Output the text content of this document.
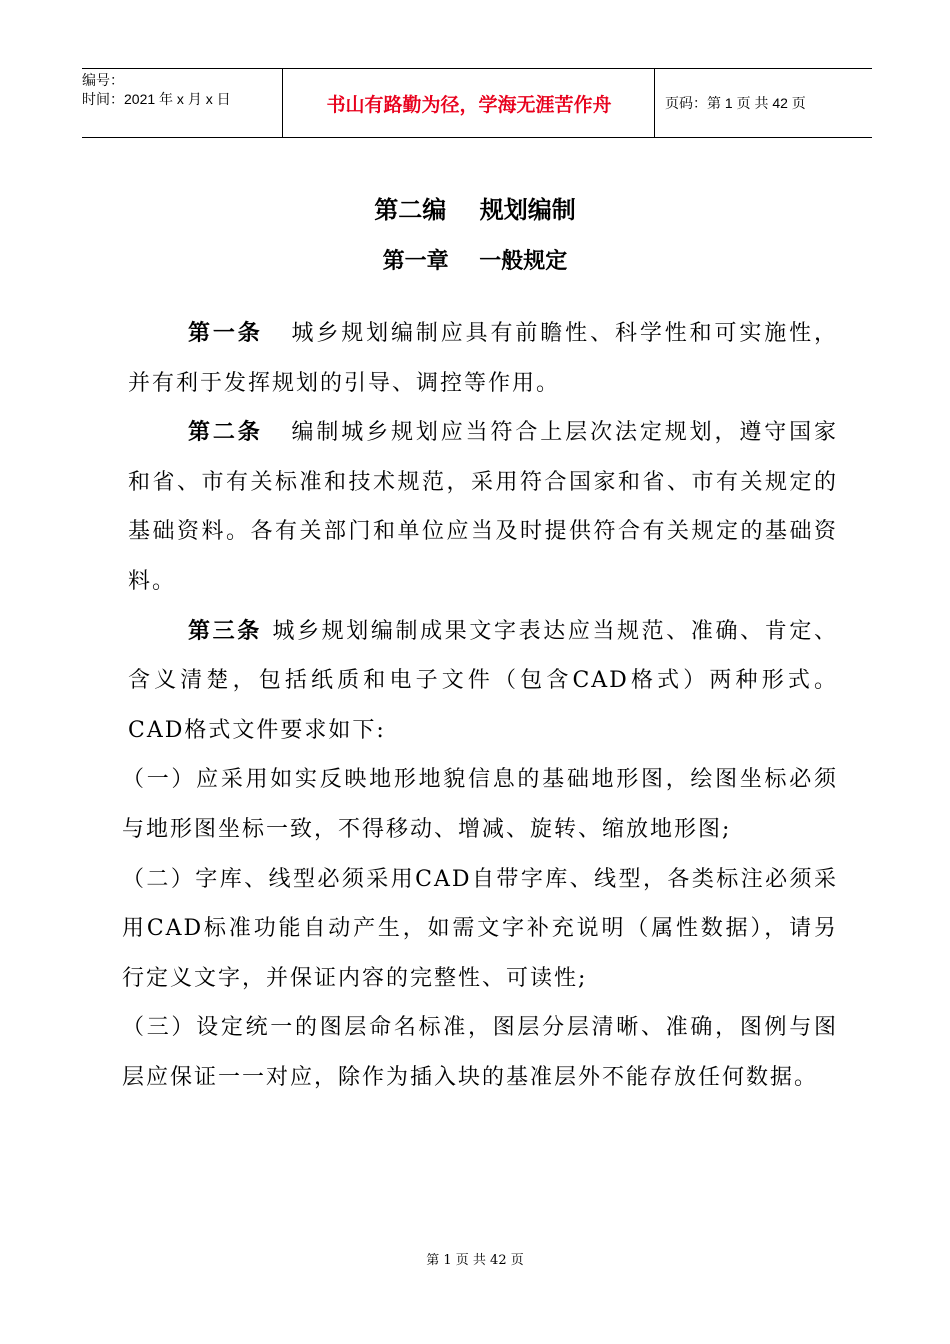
编号：
时间：2021 年 x 月 x 日	书山有路勤为径，学海无涯苦作舟	页码：第 1 页 共 42 页
第二编    规划编制
第一章    一般规定

第一条 城乡规划编制应具有前瞻性、科学性和可实施性，并有利于发挥规划的引导、调控等作用。

第二条 编制城乡规划应当符合上层次法定规划，遵守国家和省、市有关标准和技术规范，采用符合国家和省、市有关规定的基础资料。各有关部门和单位应当及时提供符合有关规定的基础资料。

第三条 城乡规划编制成果文字表达应当规范、准确、肯定、含义清楚，包括纸质和电子文件（包含CAD格式）两种形式。CAD格式文件要求如下:

（一）应采用如实反映地形地貌信息的基础地形图，绘图坐标必须与地形图坐标一致，不得移动、增减、旋转、缩放地形图;

（二）字库、线型必须采用CAD自带字库、线型，各类标注必须采用CAD标准功能自动产生，如需文字补充说明（属性数据），请另行定义文字，并保证内容的完整性、可读性;

（三）设定统一的图层命名标准，图层分层清晰、准确，图例与图层应保证一一对应，除作为插入块的基准层外不能存放任何数据。

第 1 页 共 42 页
